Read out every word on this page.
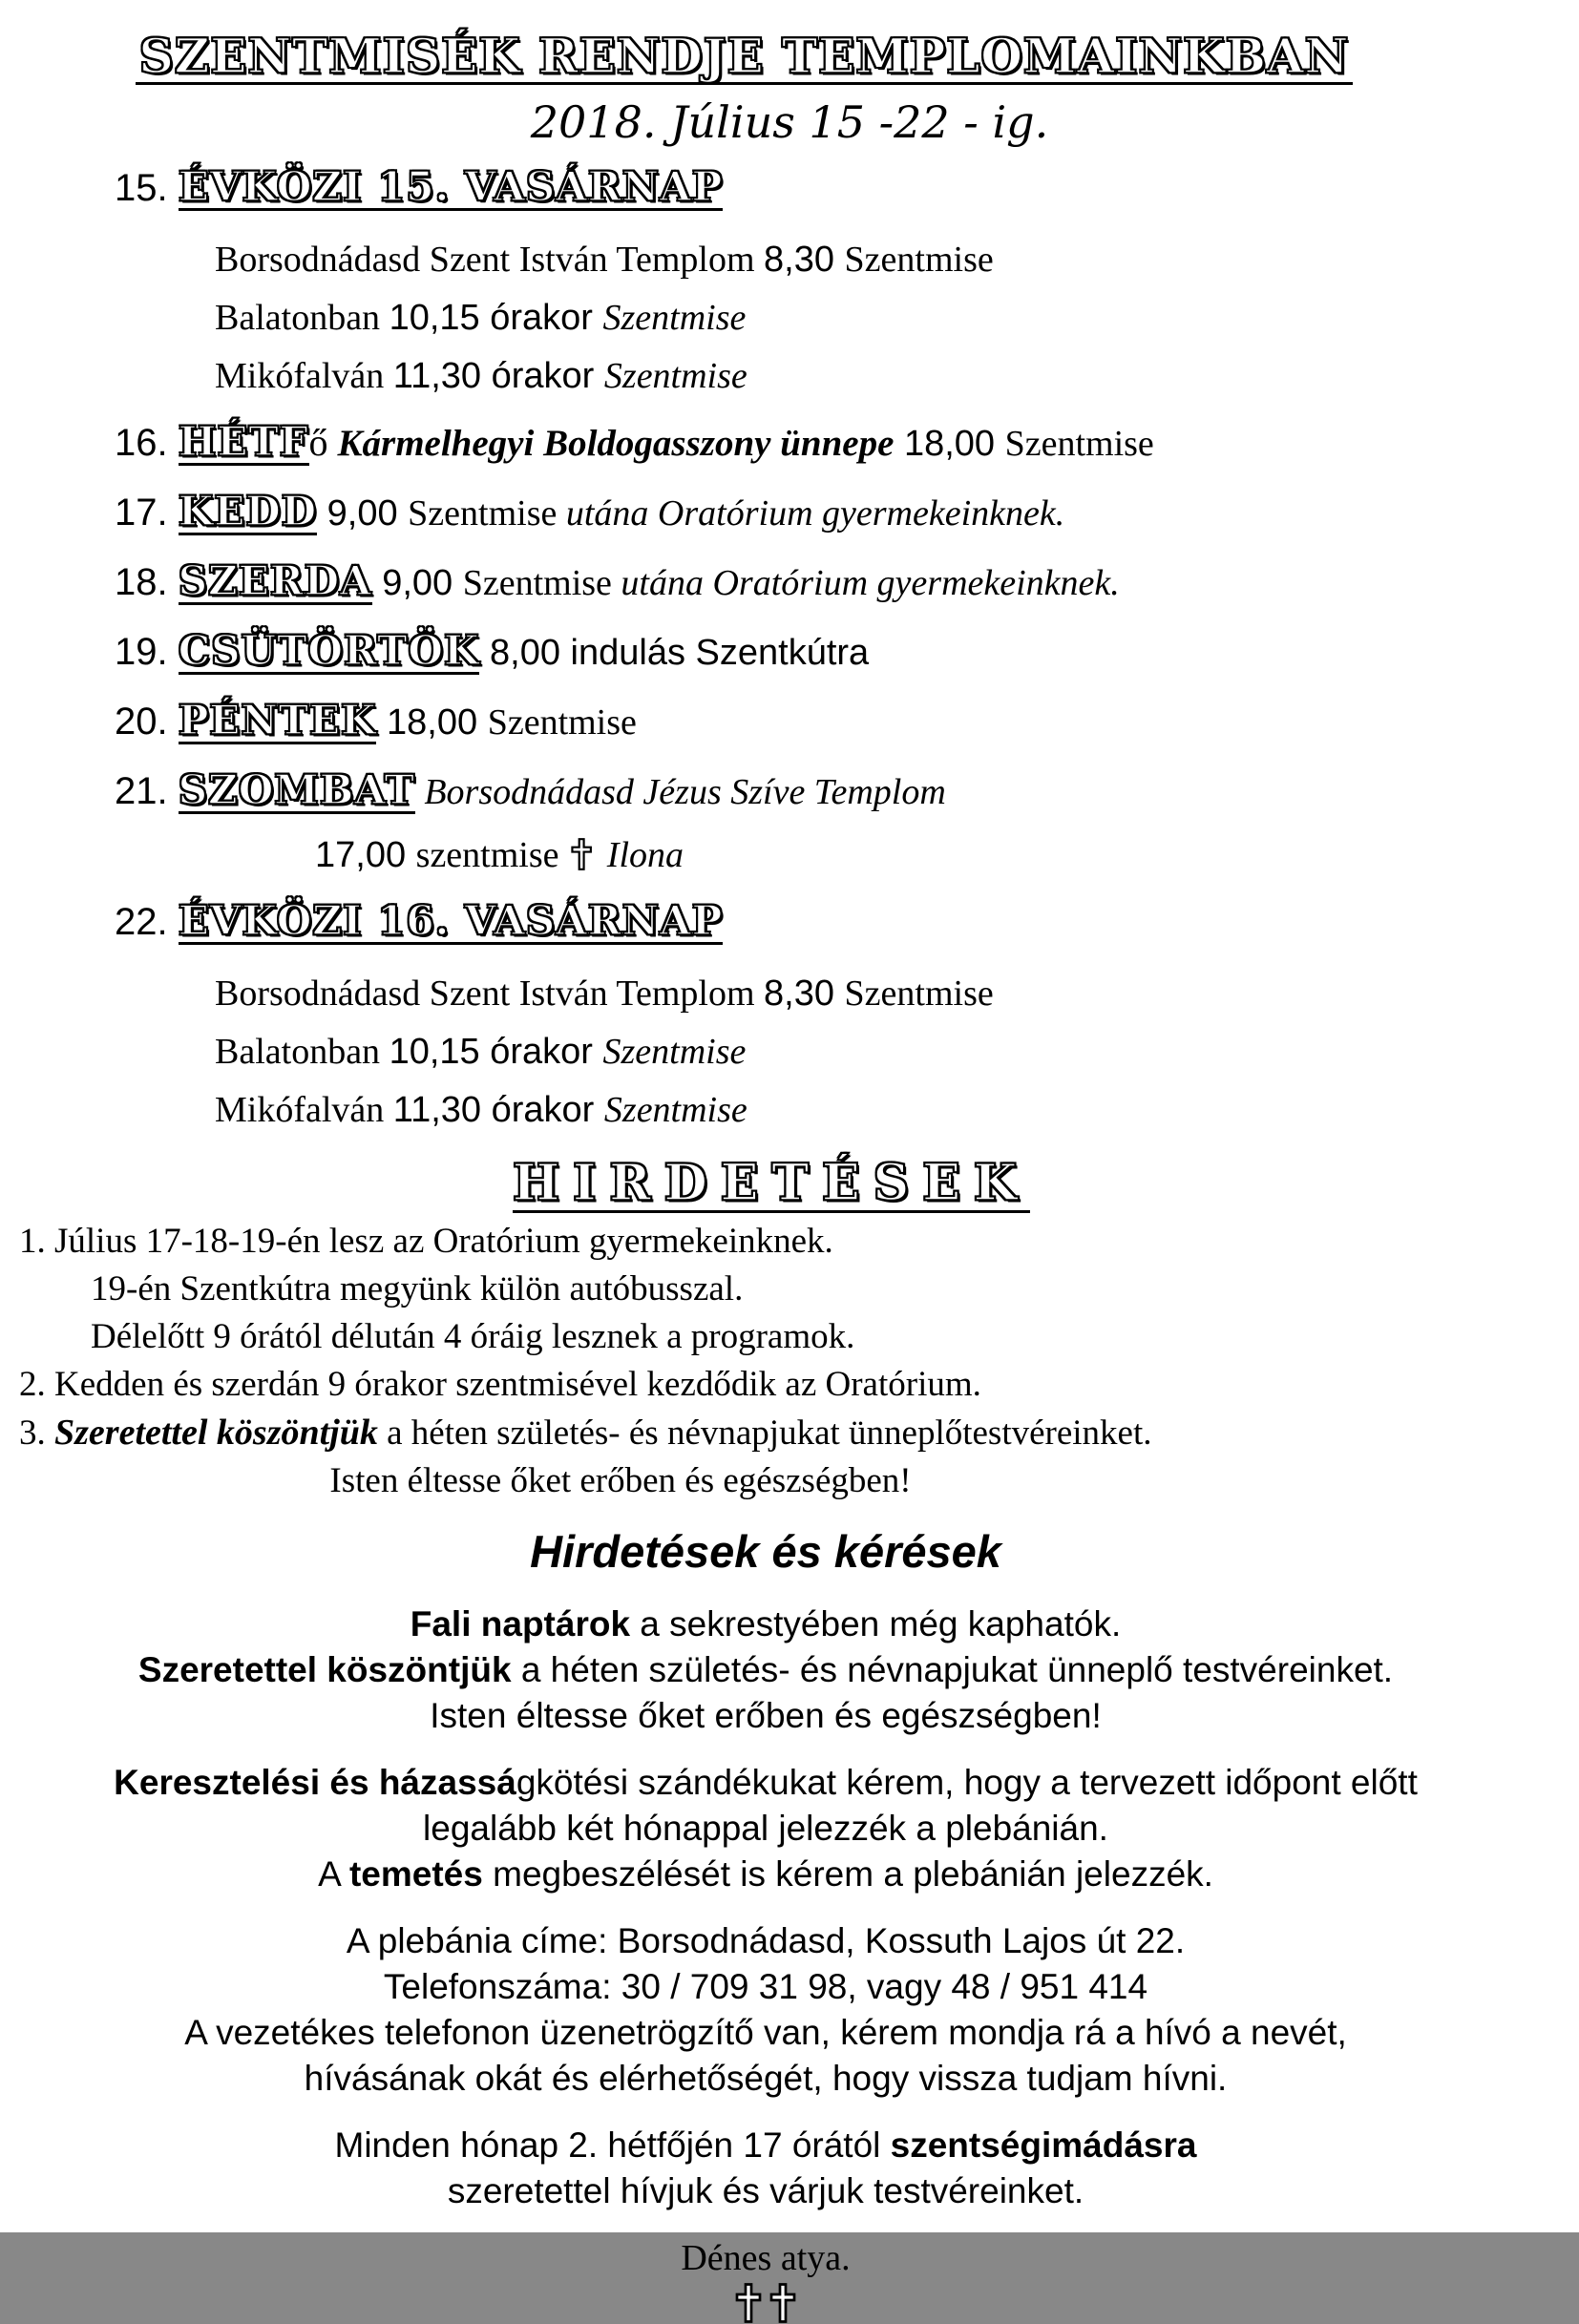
SZENTMISÉK RENDJE TEMPLOMAINKBAN
2018. Július 15 -22 - ig.
15. ÉVKÖZI 15. VASÁRNAP
Borsodnádasd Szent István Templom 8,30 Szentmise
Balatonban 10,15 órakor Szentmise
Mikófalván 11,30 órakor Szentmise
16. HÉTFő Kármelhegyi Boldogasszony ünnepe 18,00 Szentmise
17. KEDD 9,00 Szentmise utána Oratórium gyermekeinknek.
18. SZERDA 9,00 Szentmise utána Oratórium gyermekeinknek.
19. CSÜTÖRTÖK 8,00 indulás Szentkútra
20. PÉNTEK 18,00 Szentmise
21. SZOMBAT Borsodnádasd Jézus Szíve Templom
17,00 szentmise  Ilona
22. ÉVKÖZI 16. VASÁRNAP
Borsodnádasd Szent István Templom 8,30 Szentmise
Balatonban 10,15 órakor Szentmise
Mikófalván 11,30 órakor Szentmise
HIRDETÉSEK
1. Július 17-18-19-én lesz az Oratórium gyermekeinknek.
19-én Szentkútra megyünk külön autóbusszal.
Délelőtt 9 órától délután 4 óráig lesznek a programok.
2. Kedden és szerdán 9 órakor szentmisével kezdődik az Oratórium.
3. Szeretettel köszöntjük a héten születés- és névnapjukat ünneplőtestvéreinket.
Isten éltesse őket erőben és egészségben!
Hirdetések és kérések
Fali naptárok a sekrestyében még kaphatók.
Szeretettel köszöntjük a héten születés- és névnapjukat ünneplő testvéreinket.
Isten éltesse őket erőben és egészségben!
Keresztelési és házasságkötési szándékukat kérem, hogy a tervezett időpont előtt
legalább két hónappal jelezzék a plebánián.
A temetés megbeszélését is kérem a plebánián jelezzék.
A plebánia címe: Borsodnádasd, Kossuth Lajos út 22.
Telefonszáma: 30 / 709 31 98, vagy 48 / 951 414
A vezetékes telefonon üzenetrögzítő van, kérem mondja rá a hívó a nevét,
hívásának okát és elérhetőségét, hogy vissza tudjam hívni.
Minden hónap 2. hétfőjén 17 órától szentségimádásra
szeretettel hívjuk és várjuk testvéreinket.
Dénes atya.
